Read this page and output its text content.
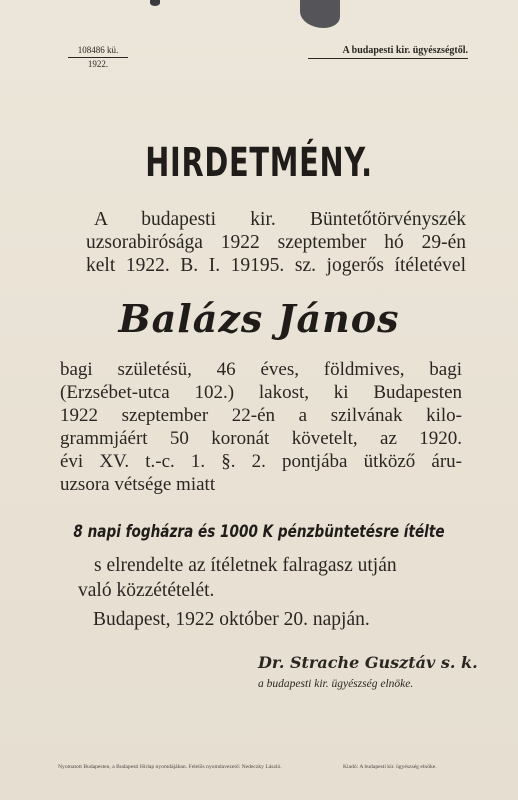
108486 kü.
1922.
A budapesti kir. ügyészségtől.
HIRDETMÉNY.
A budapesti kir. Büntetőtörvényszék
uzsorabirósága 1922 szeptember hó 29-én
kelt 1922. B. I. 19195. sz. jogerős ítéletével
Balázs János
bagi születésü, 46 éves, földmives, bagi
(Erzsébet-utca 102.) lakost, ki Budapesten
1922 szeptember 22-én a szilvának kilo-
grammjáért 50 koronát követelt, az 1920.
évi XV. t.-c. 1. §. 2. pontjába ütköző áru-
uzsora vétsége miatt
8 napi fogházra és 1000 K pénzbüntetésre ítélte
s elrendelte az ítéletnek falragasz utján
való közzétételét.
Budapest, 1922 október 20. napján.
Dr. Strache Gusztáv s. k.
a budapesti kir. ügyészség elnöke.
Nyomatott Budapesten, a Budapesti Hirlap nyomdájában. Felelős nyomdavezető: Nedeczky László.	Kiadó: A budapesti kir. ügyészség elnöke.
